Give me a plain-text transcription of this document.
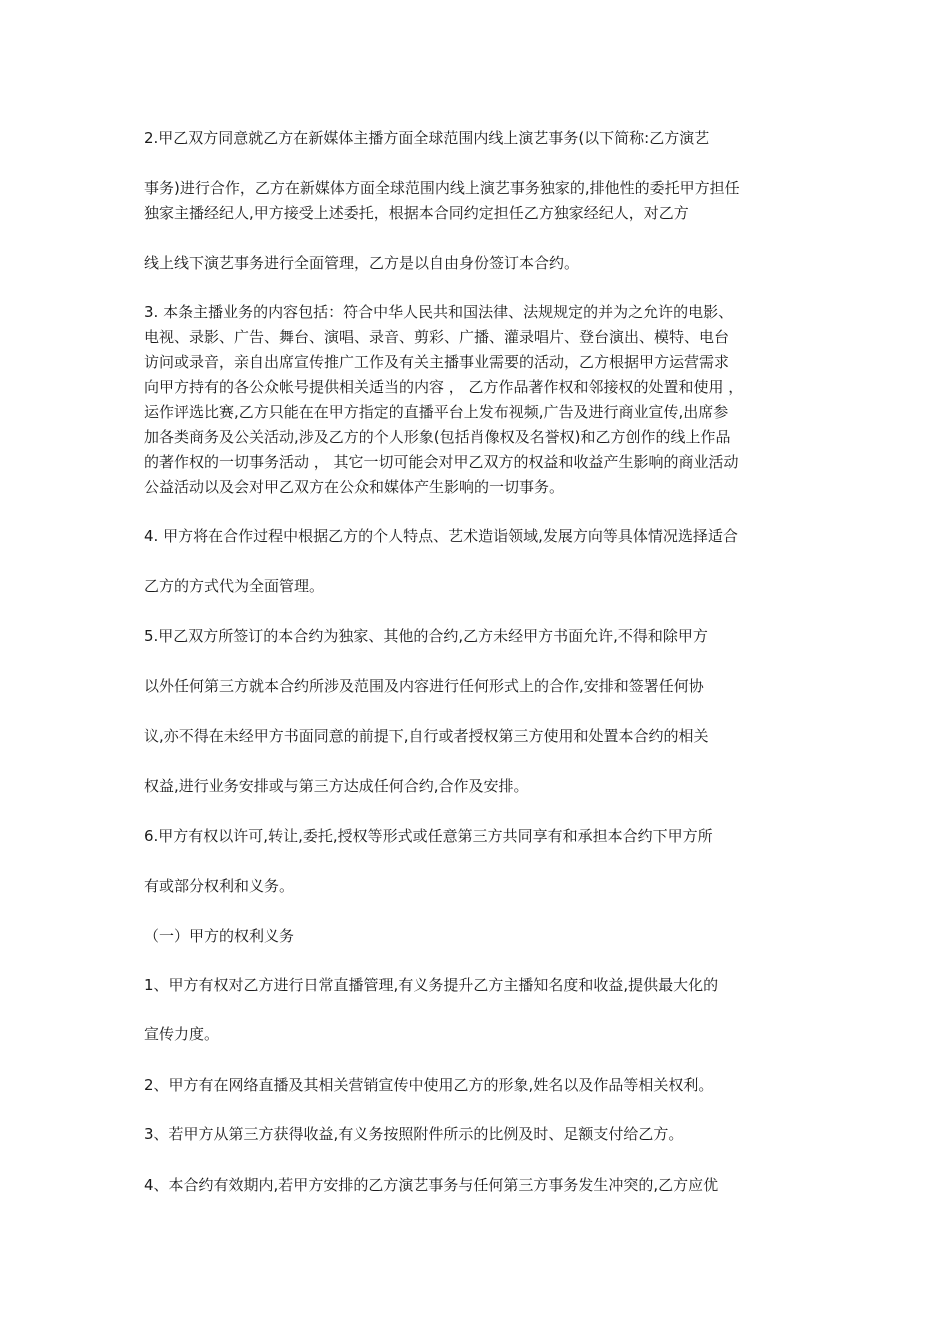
2.甲乙双方同意就乙方在新媒体主播方面全球范围内线上演艺事务(以下简称:乙方演艺

事务)进行合作，乙方在新媒体方面全球范围内线上演艺事务独家的,排他性的委托甲方担任

独家主播经纪人,甲方接受上述委托，根据本合同约定担任乙方独家经纪人，对乙方

线上线下演艺事务进行全面管理，乙方是以自由身份签订本合约。

3. 本条主播业务的内容包括：符合中华人民共和国法律、法规规定的并为之允许的电影、

电视、录影、广告、舞台、演唱、录音、剪彩、广播、灌录唱片、登台演出、模特、电台

访问或录音，亲自出席宣传推广工作及有关主播事业需要的活动，乙方根据甲方运营需求

向甲方持有的各公众帐号提供相关适当的内容 ， 乙方作品著作权和邻接权的处置和使用 ，

运作评选比赛,乙方只能在在甲方指定的直播平台上发布视频,广告及进行商业宣传,出席参

加各类商务及公关活动,涉及乙方的个人形象(包括肖像权及名誉权)和乙方创作的线上作品

的著作权的一切事务活动 ， 其它一切可能会对甲乙双方的权益和收益产生影响的商业活动

公益活动以及会对甲乙双方在公众和媒体产生影响的一切事务。

4. 甲方将在合作过程中根据乙方的个人特点、艺术造诣领域,发展方向等具体情况选择适合

乙方的方式代为全面管理。

5.甲乙双方所签订的本合约为独家、其他的合约,乙方未经甲方书面允许,不得和除甲方

以外任何第三方就本合约所涉及范围及内容进行任何形式上的合作,安排和签署任何协

议,亦不得在未经甲方书面同意的前提下,自行或者授权第三方使用和处置本合约的相关

权益,进行业务安排或与第三方达成任何合约,合作及安排。

6.甲方有权以许可,转让,委托,授权等形式或任意第三方共同享有和承担本合约下甲方所

有或部分权利和义务。

（一）甲方的权利义务

1、甲方有权对乙方进行日常直播管理,有义务提升乙方主播知名度和收益,提供最大化的

宣传力度。

2、甲方有在网络直播及其相关营销宣传中使用乙方的形象,姓名以及作品等相关权利。

3、若甲方从第三方获得收益,有义务按照附件所示的比例及时、足额支付给乙方。

4、本合约有效期内,若甲方安排的乙方演艺事务与任何第三方事务发生冲突的,乙方应优
